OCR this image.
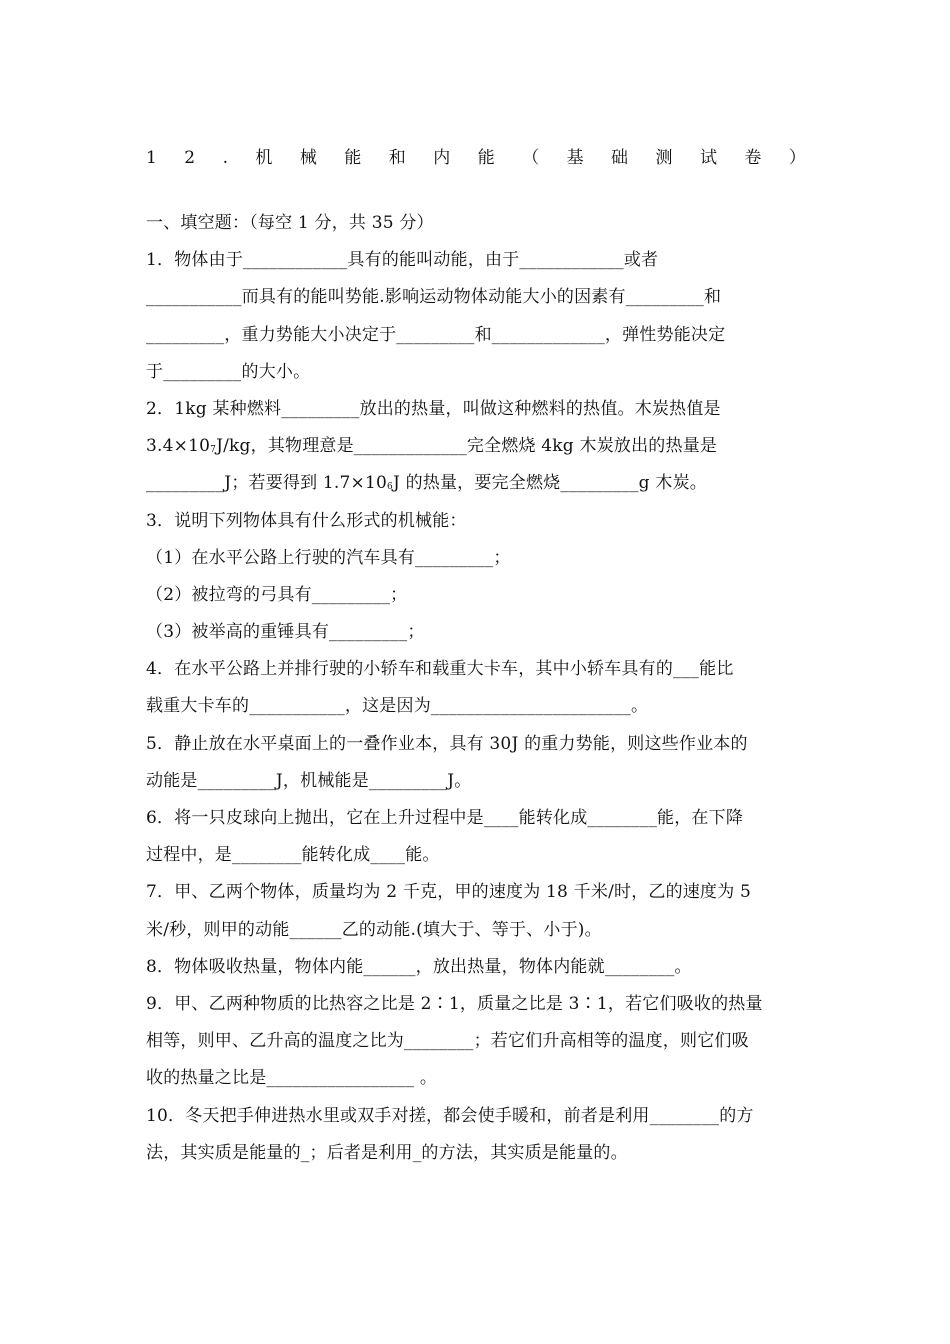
1 2 . 机 械 能 和 内 能 （ 基 础 测 试 卷 ）
一、填空题：（每空 1 分，共 35 分）
1．物体由于____________具有的能叫动能，由于____________或者
___________而具有的能叫势能.影响运动物体动能大小的因素有_________和
_________，重力势能大小决定于_________和_____________，弹性势能决定
于_________的大小。
2．1kg 某种燃料_________放出的热量，叫做这种燃料的热值。木炭热值是
$3.4\times 10_7J/kg$，其物理意是_____________完全燃烧 4kg 木炭放出的热量是
_________J；若要得到 $1.7\times 10_6J$ 的热量，要完全燃烧_________g 木炭。
3．说明下列物体具有什么形式的机械能：
（1）在水平公路上行驶的汽车具有_________；
（2）被拉弯的弓具有_________；
（3）被举高的重锤具有_________；
4．在水平公路上并排行驶的小轿车和载重大卡车，其中小轿车具有的___能比
载重大卡车的___________，这是因为_______________________。
5．静止放在水平桌面上的一叠作业本，具有 30J 的重力势能，则这些作业本的
动能是_________J，机械能是_________J。
6．将一只皮球向上抛出，它在上升过程中是____能转化成________能，在下降
过程中，是________能转化成____能。
7．甲、乙两个物体，质量均为 2 千克，甲的速度为 18 千米/时，乙的速度为 5
米/秒，则甲的动能______乙的动能.(填大于、等于、小于)。
8．物体吸收热量，物体内能______，放出热量，物体内能就________。
9．甲、乙两种物质的比热容之比是 2∶1，质量之比是 3∶1，若它们吸收的热量
相等，则甲、乙升高的温度之比为________；若它们升高相等的温度，则它们吸
收的热量之比是_________________ 。
10．冬天把手伸进热水里或双手对搓，都会使手暖和，前者是利用________的方
法，其实质是能量的_；后者是利用_的方法，其实质是能量的。
